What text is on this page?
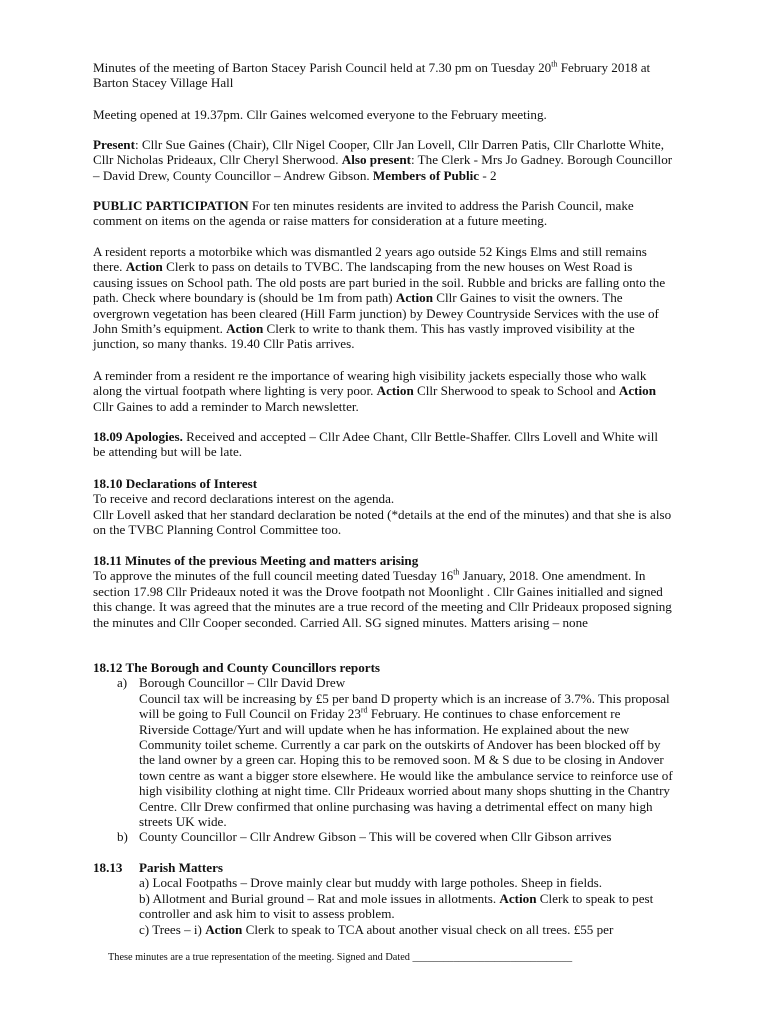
Minutes of the meeting of Barton Stacey Parish Council held at 7.30 pm on Tuesday 20th February 2018 at Barton Stacey Village Hall

Meeting opened at 19.37pm. Cllr Gaines welcomed everyone to the February meeting.

Present: Cllr Sue Gaines (Chair), Cllr Nigel Cooper, Cllr Jan Lovell, Cllr Darren Patis, Cllr Charlotte White, Cllr Nicholas Prideaux, Cllr Cheryl Sherwood. Also present: The Clerk - Mrs Jo Gadney. Borough Councillor – David Drew, County Councillor – Andrew Gibson. Members of Public - 2

PUBLIC PARTICIPATION For ten minutes residents are invited to address the Parish Council, make comment on items on the agenda or raise matters for consideration at a future meeting.

A resident reports a motorbike which was dismantled 2 years ago outside 52 Kings Elms and still remains there. Action Clerk to pass on details to TVBC. The landscaping from the new houses on West Road is causing issues on School path. The old posts are part buried in the soil. Rubble and bricks are falling onto the path. Check where boundary is (should be 1m from path) Action Cllr Gaines to visit the owners. The overgrown vegetation has been cleared (Hill Farm junction) by Dewey Countryside Services with the use of John Smith’s equipment. Action Clerk to write to thank them. This has vastly improved visibility at the junction, so many thanks. 19.40 Cllr Patis arrives.

A reminder from a resident re the importance of wearing high visibility jackets especially those who walk along the virtual footpath where lighting is very poor. Action Cllr Sherwood to speak to School and Action Cllr Gaines to add a reminder to March newsletter.

18.09 Apologies. Received and accepted – Cllr Adee Chant, Cllr Bettle-Shaffer. Cllrs Lovell and White will be attending but will be late.

18.10 Declarations of Interest

To receive and record declarations interest on the agenda.

Cllr Lovell asked that her standard declaration be noted (*details at the end of the minutes) and that she is also on the TVBC Planning Control Committee too.

18.11 Minutes of the previous Meeting and matters arising

To approve the minutes of the full council meeting dated Tuesday 16th January, 2018. One amendment. In section 17.98 Cllr Prideaux noted it was the Drove footpath not Moonlight . Cllr Gaines initialled and signed this change. It was agreed that the minutes are a true record of the meeting and Cllr Prideaux proposed signing the minutes and Cllr Cooper seconded. Carried All. SG signed minutes. Matters arising – none

18.12 The Borough and County Councillors reports

a) Borough Councillor – Cllr David Drew

Council tax will be increasing by £5 per band D property which is an increase of 3.7%. This proposal will be going to Full Council on Friday 23rd February. He continues to chase enforcement re Riverside Cottage/Yurt and will update when he has information. He explained about the new Community toilet scheme. Currently a car park on the outskirts of Andover has been blocked off by the land owner by a green car. Hoping this to be removed soon. M & S due to be closing in Andover town centre as want a bigger store elsewhere. He would like the ambulance service to reinforce use of high visibility clothing at night time. Cllr Prideaux worried about many shops shutting in the Chantry Centre. Cllr Drew confirmed that online purchasing was having a detrimental effect on many high streets UK wide.

b) County Councillor – Cllr Andrew Gibson – This will be covered when Cllr Gibson arrives

18.13 Parish Matters

a) Local Footpaths – Drove mainly clear but muddy with large potholes. Sheep in fields.

b) Allotment and Burial ground – Rat and mole issues in allotments. Action Clerk to speak to pest controller and ask him to visit to assess problem.

c) Trees – i) Action Clerk to speak to TCA about another visual check on all trees. £55 per

These minutes are a true representation of the meeting. Signed and Dated _______________________________
